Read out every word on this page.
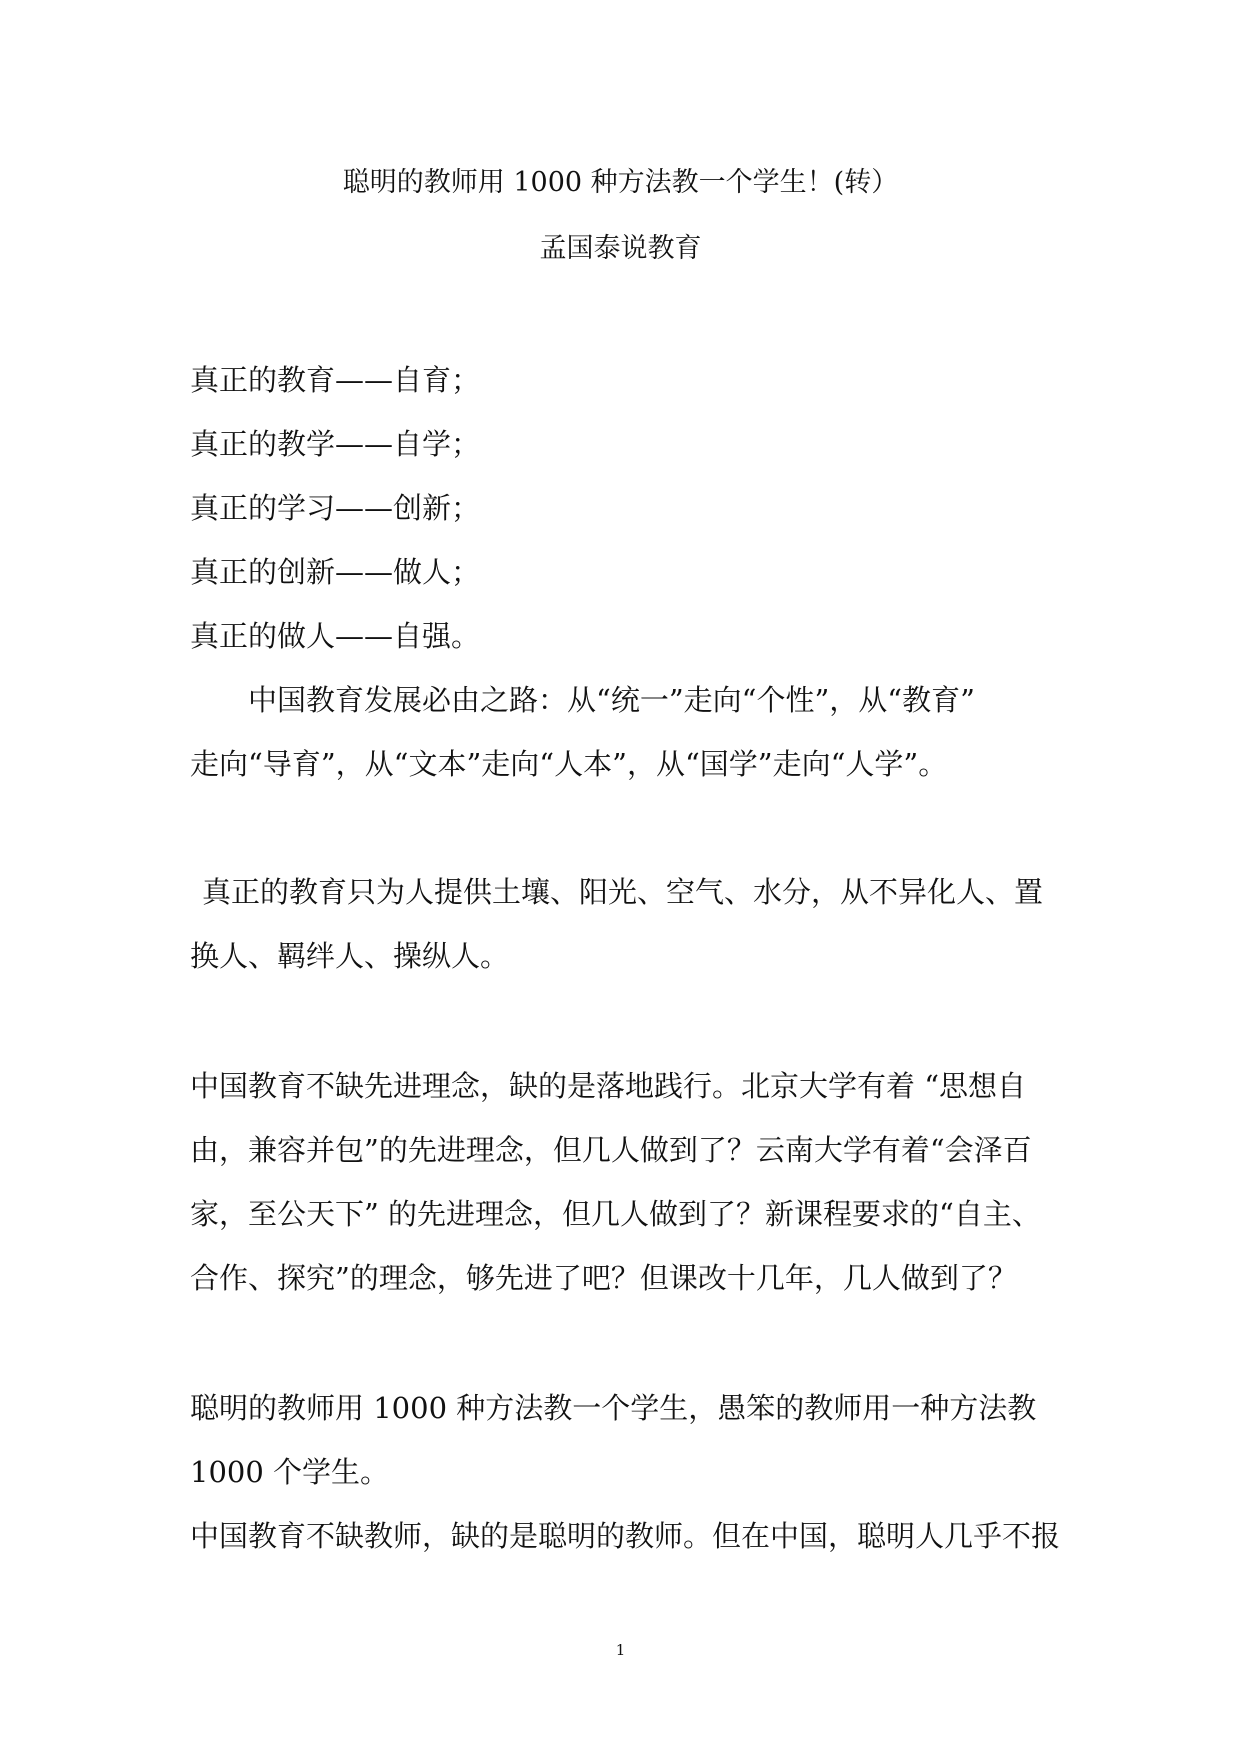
聪明的教师用 1000 种方法教一个学生！(转）
孟国泰说教育
真正的教育——自育；
真正的教学——自学；
真正的学习——创新；
真正的创新——做人；
真正的做人——自强。
中国教育发展必由之路：从“统一”走向“个性”，从“教育”
走向“导育”，从“文本”走向“人本”，从“国学”走向“人学”。
真正的教育只为人提供土壤、阳光、空气、水分，从不异化人、置
换人、羁绊人、操纵人。
中国教育不缺先进理念，缺的是落地践行。北京大学有着 “思想自
由，兼容并包”的先进理念，但几人做到了？云南大学有着“会泽百
家，至公天下” 的先进理念，但几人做到了？新课程要求的“自主、
合作、探究”的理念，够先进了吧？但课改十几年，几人做到了？
聪明的教师用 1000 种方法教一个学生，愚笨的教师用一种方法教
1000 个学生。
中国教育不缺教师，缺的是聪明的教师。但在中国，聪明人几乎不报
1
